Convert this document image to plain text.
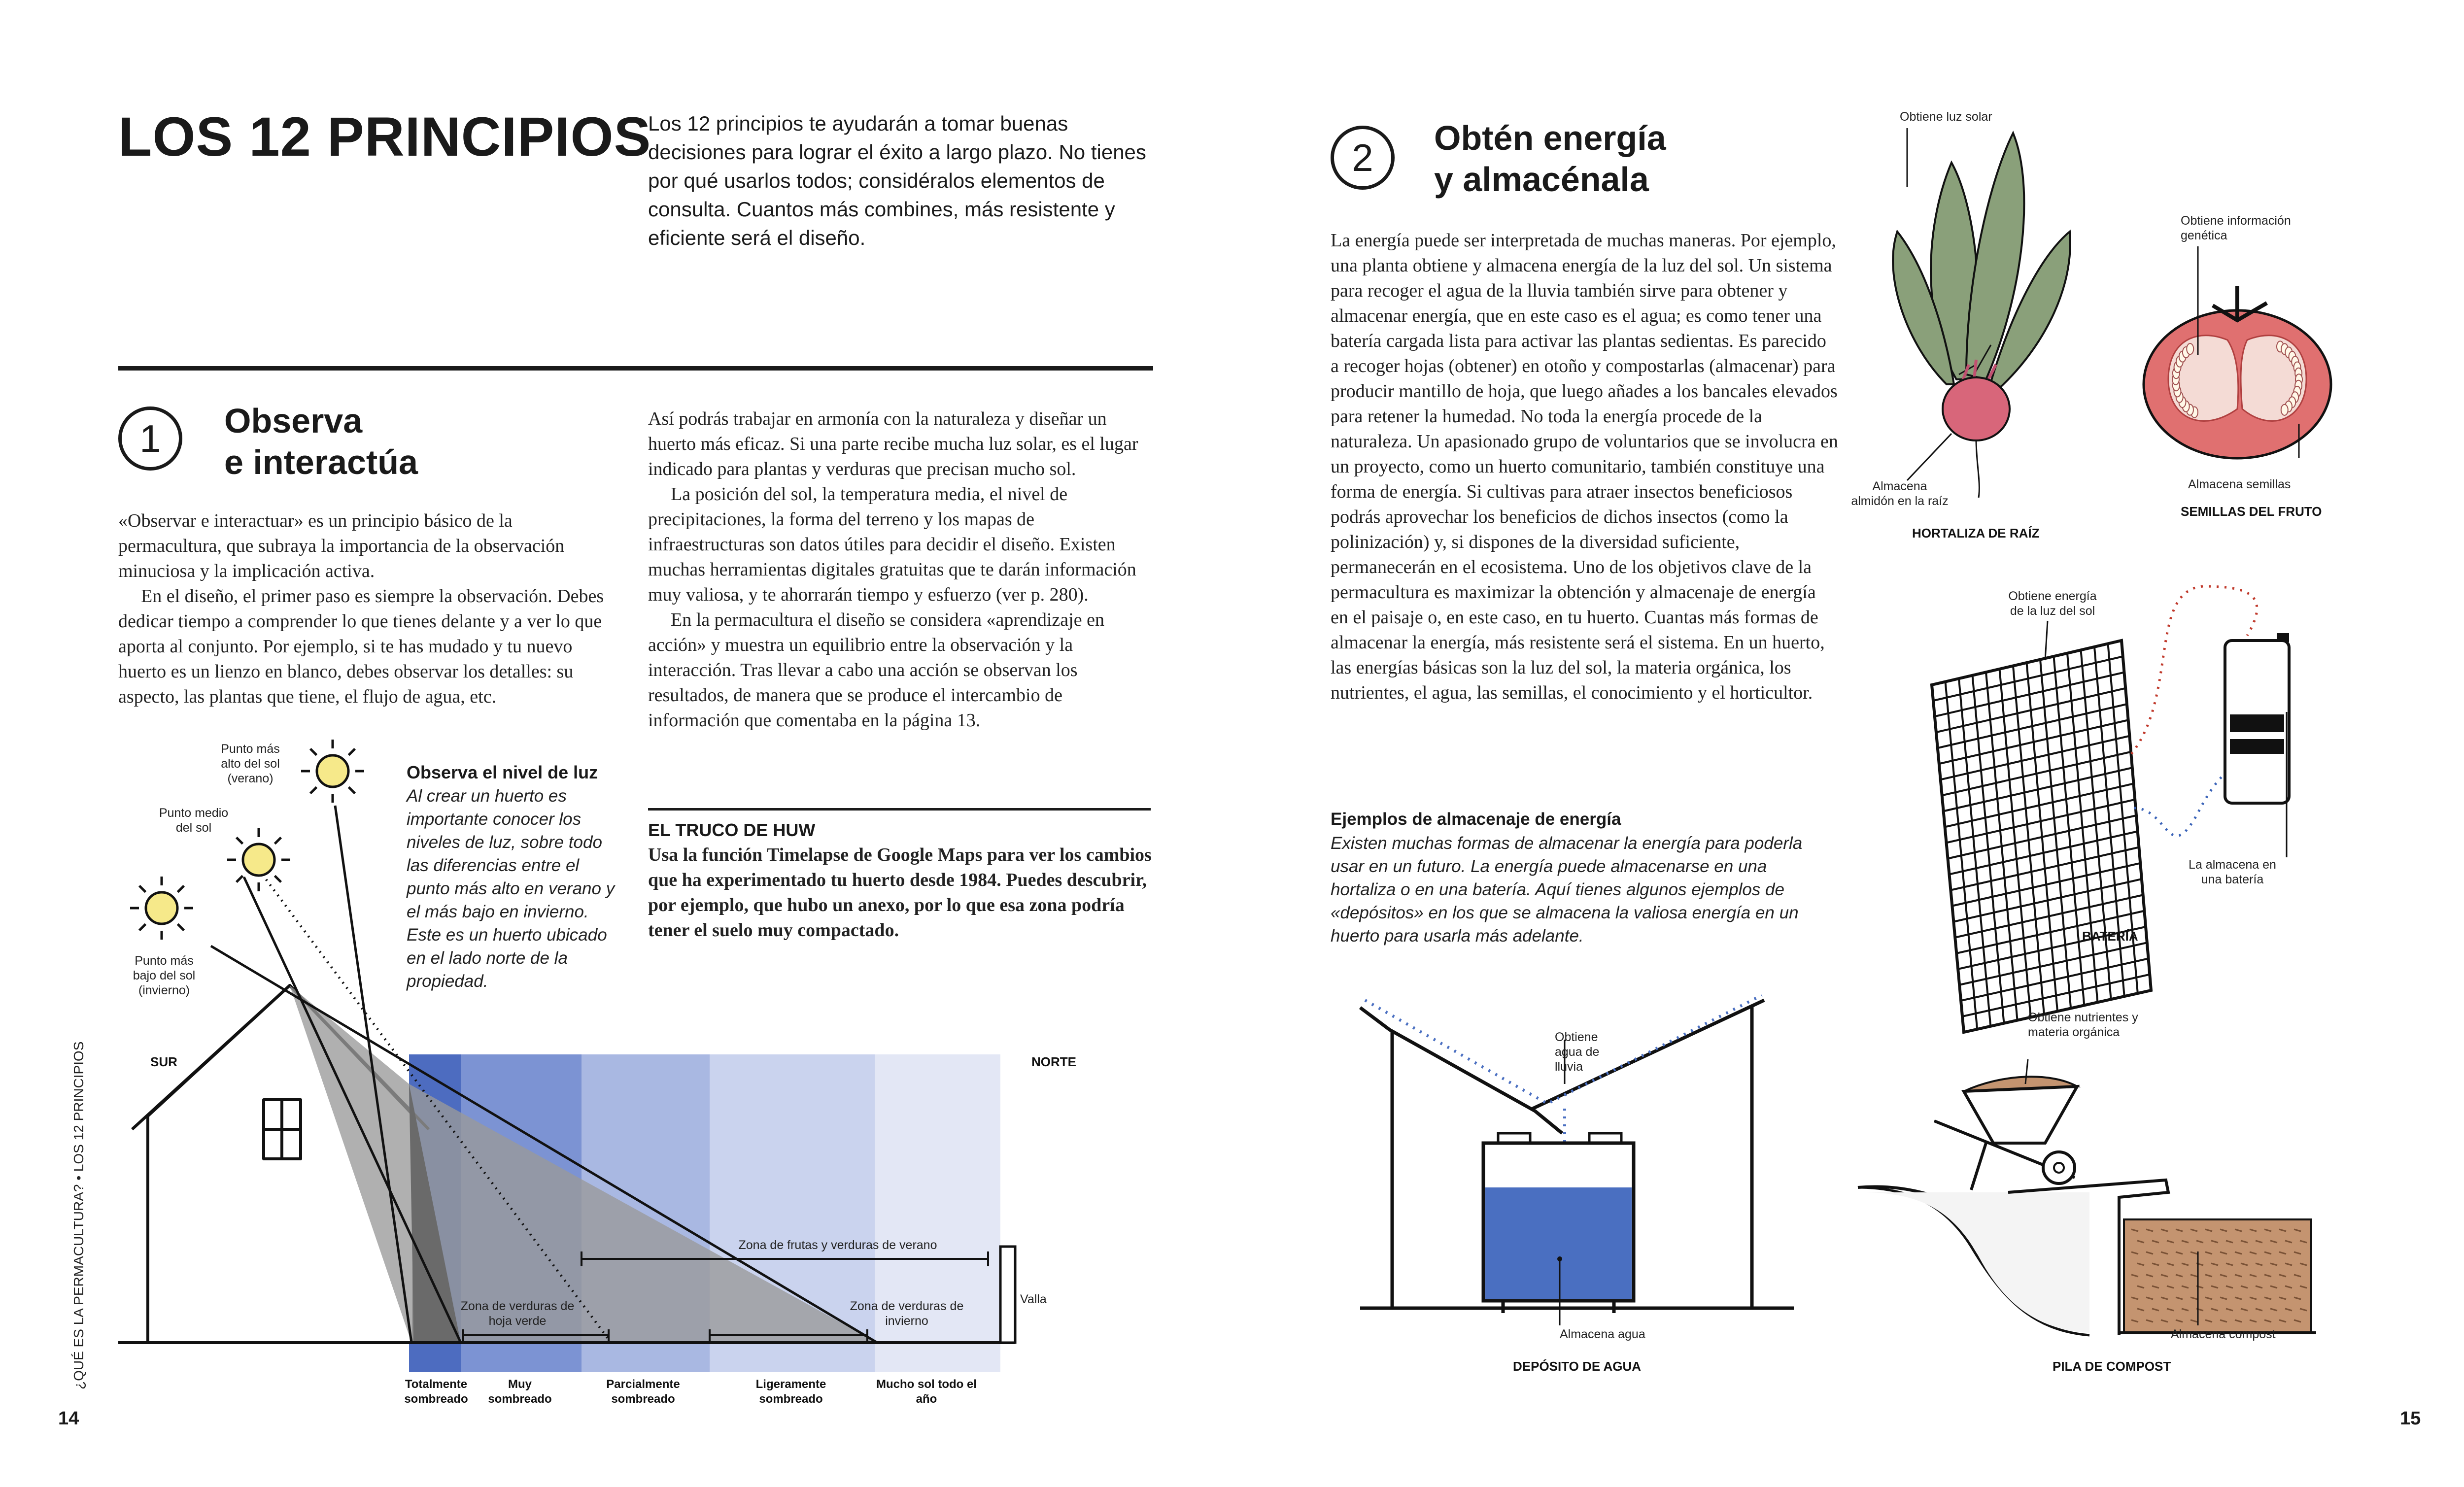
LOS 12 PRINCIPIOS
Los 12 principios te ayudarán a tomar buenas decisiones para lograr el éxito a largo plazo. No tienes por qué usarlos todos; considéralos elementos de consulta. Cuantos más combines, más resistente y eficiente será el diseño.
1 Observa
e interactúa

«Observar e interactuar» es un principio básico de la permacultura, que subraya la importancia de la observación minuciosa y la implicación activa.

En el diseño, el primer paso es siempre la observación. Debes dedicar tiempo a comprender lo que tienes delante y a ver lo que aporta al conjunto. Por ejemplo, si te has mudado y tu nuevo huerto es un lienzo en blanco, debes observar los detalles: su aspecto, las plantas que tiene, el flujo de agua, etc.

Así podrás trabajar en armonía con la naturaleza y diseñar un huerto más eficaz. Si una parte recibe mucha luz solar, es el lugar indicado para plantas y verduras que precisan mucho sol.

La posición del sol, la temperatura media, el nivel de precipitaciones, la forma del terreno y los mapas de infraestructuras son datos útiles para decidir el diseño. Existen muchas herramientas digitales gratuitas que te darán información muy valiosa, y te ahorrarán tiempo y esfuerzo (ver p. 280).

En la permacultura el diseño se considera «aprendizaje en acción» y muestra un equilibrio entre la observación y la interacción. Tras llevar a cabo una acción se observan los resultados, de manera que se produce el intercambio de información que comentaba en la página 13.

EL TRUCO DE HUW
Usa la función Timelapse de Google Maps para ver los cambios que ha experimentado tu huerto desde 1984. Puedes descubrir, por ejemplo, que hubo un anexo, por lo que esa zona podría tener el suelo muy compactado.
Observa el nivel de luz
Al crear un huerto es importante conocer los niveles de luz, sobre todo las diferencias entre el punto más alto en verano y el más bajo en invierno. Este es un huerto ubicado en el lado norte de la propiedad.
Punto más alto del sol (verano)
Punto medio del sol
Punto más bajo del sol (invierno)
SUR	NORTE
Zona de frutas y verduras de verano
Zona de verduras de hoja verde
Zona de verduras de invierno
Valla
Totalmente sombreado
Muy sombreado
Parcialmente sombreado
Ligeramente sombreado
Mucho sol todo el año
¿QUÉ ES LA PERMACULTURA? • LOS 12 PRINCIPIOS
14
2 Obtén energía
y almacénala
La energía puede ser interpretada de muchas maneras. Por ejemplo, una planta obtiene y almacena energía de la luz del sol. Un sistema para recoger el agua de la lluvia también sirve para obtener y almacenar energía, que en este caso es el agua; es como tener una batería cargada lista para activar las plantas sedientas. Es parecido a recoger hojas (obtener) en otoño y compostarlas (almacenar) para producir mantillo de hoja, que luego añades a los bancales elevados para retener la humedad. No toda la energía procede de la naturaleza. Un apasionado grupo de voluntarios que se involucra en un proyecto, como un huerto comunitario, también constituye una forma de energía. Si cultivas para atraer insectos beneficiosos podrás aprovechar los beneficios de dichos insectos (como la polinización) y, si dispones de la diversidad suficiente, permanecerán en el ecosistema. Uno de los objetivos clave de la permacultura es maximizar la obtención y almacenaje de energía en el paisaje o, en este caso, en tu huerto. Cuantas más formas de almacenar la energía, más resistente será el sistema. En un huerto, las energías básicas son la luz del sol, la materia orgánica, los nutrientes, el agua, las semillas, el conocimiento y el horticultor.
Ejemplos de almacenaje de energía
Existen muchas formas de almacenar la energía para poderla usar en un futuro. La energía puede almacenarse en una hortaliza o en una batería. Aquí tienes algunos ejemplos de «depósitos» en los que se almacena la valiosa energía en un huerto para usarla más adelante.
Obtiene luz solar
Almacena almidón en la raíz
HORTALIZA DE RAÍZ
Obtiene información genética
Almacena semillas
SEMILLAS DEL FRUTO
Obtiene energía de la luz del sol
La almacena en una batería
BATERÍA
Obtiene agua de lluvia
Almacena agua
DEPÓSITO DE AGUA
Obtiene nutrientes y materia orgánica
Almacena compost
PILA DE COMPOST
15
